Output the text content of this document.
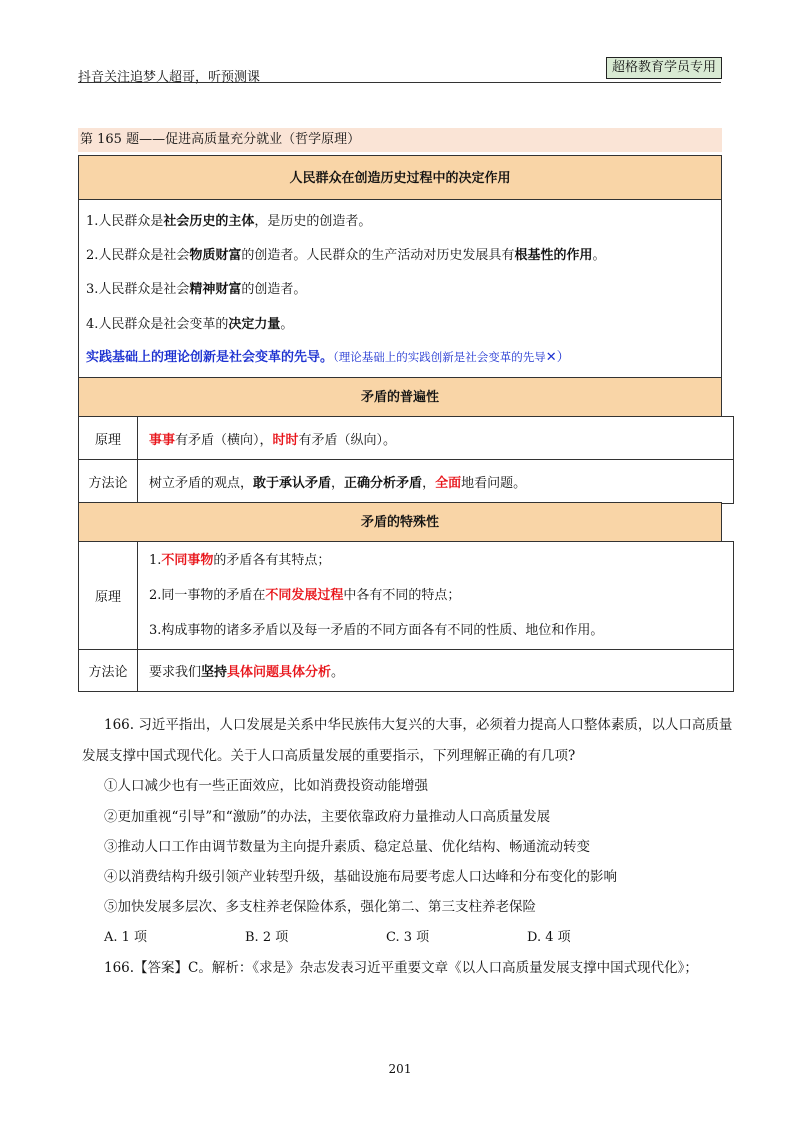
抖音关注追梦人超哥，听预测课
超格教育学员专用
第 165 题——促进高质量充分就业（哲学原理）
人民群众在创造历史过程中的决定作用
1.人民群众是社会历史的主体，是历史的创造者。
2.人民群众是社会物质财富的创造者。人民群众的生产活动对历史发展具有根基性的作用。
3.人民群众是社会精神财富的创造者。
4.人民群众是社会变革的决定力量。
实践基础上的理论创新是社会变革的先导。（理论基础上的实践创新是社会变革的先导✕）
矛盾的普遍性
原理	事事有矛盾（横向），时时有矛盾（纵向）。
方法论	树立矛盾的观点，敢于承认矛盾，正确分析矛盾，全面地看问题。
矛盾的特殊性
原理	1.不同事物的矛盾各有其特点；
2.同一事物的矛盾在不同发展过程中各有不同的特点；
3.构成事物的诸多矛盾以及每一矛盾的不同方面各有不同的性质、地位和作用。

方法论	要求我们坚持具体问题具体分析。
166. 习近平指出，人口发展是关系中华民族伟大复兴的大事，必须着力提高人口整体素质，以人口高质量
发展支撑中国式现代化。关于人口高质量发展的重要指示，下列理解正确的有几项?
①人口减少也有一些正面效应，比如消费投资动能增强
②更加重视“引导”和“激励”的办法，主要依靠政府力量推动人口高质量发展
③推动人口工作由调节数量为主向提升素质、稳定总量、优化结构、畅通流动转变
④以消费结构升级引领产业转型升级，基础设施布局要考虑人口达峰和分布变化的影响
⑤加快发展多层次、多支柱养老保险体系，强化第二、第三支柱养老保险
A. 1 项	B. 2 项	C. 3 项	D. 4 项
166.【答案】C。解析：《求是》杂志发表习近平重要文章《以人口高质量发展支撑中国式现代化》；
201
